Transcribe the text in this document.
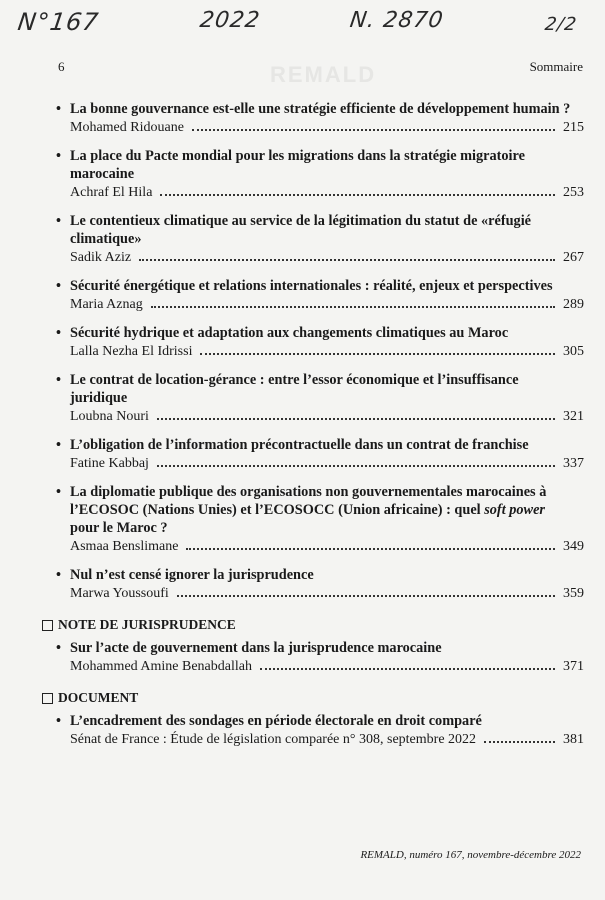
N°167	2022	N. 2870	2/2
REMALD
6	Sommaire
• La bonne gouvernance est-elle une stratégie efficiente de développement humain ?
Mohamed Ridouane	215
• La place du Pacte mondial pour les migrations dans la stratégie migratoire marocaine
Achraf El Hila	253
• Le contentieux climatique au service de la légitimation du statut de «réfugié climatique»
Sadik Aziz	267
• Sécurité énergétique et relations internationales : réalité, enjeux et perspectives
Maria Aznag	289
• Sécurité hydrique et adaptation aux changements climatiques au Maroc
Lalla Nezha El Idrissi	305
• Le contrat de location-gérance : entre l’essor économique et l’insuffisance juridique
Loubna Nouri	321
• L’obligation de l’information précontractuelle dans un contrat de franchise
Fatine Kabbaj	337
• La diplomatie publique des organisations non gouvernementales marocaines à l’ECOSOC (Nations Unies) et l’ECOSOCC (Union africaine) : quel soft power pour le Maroc ?
Asmaa Benslimane	349
• Nul n’est censé ignorer la jurisprudence
Marwa Youssoufi	359
NOTE DE JURISPRUDENCE
• Sur l’acte de gouvernement dans la jurisprudence marocaine
Mohammed Amine Benabdallah	371
DOCUMENT
• L’encadrement des sondages en période électorale en droit comparé
Sénat de France : Étude de législation comparée n° 308, septembre 2022	381
REMALD, numéro 167, novembre-décembre 2022
